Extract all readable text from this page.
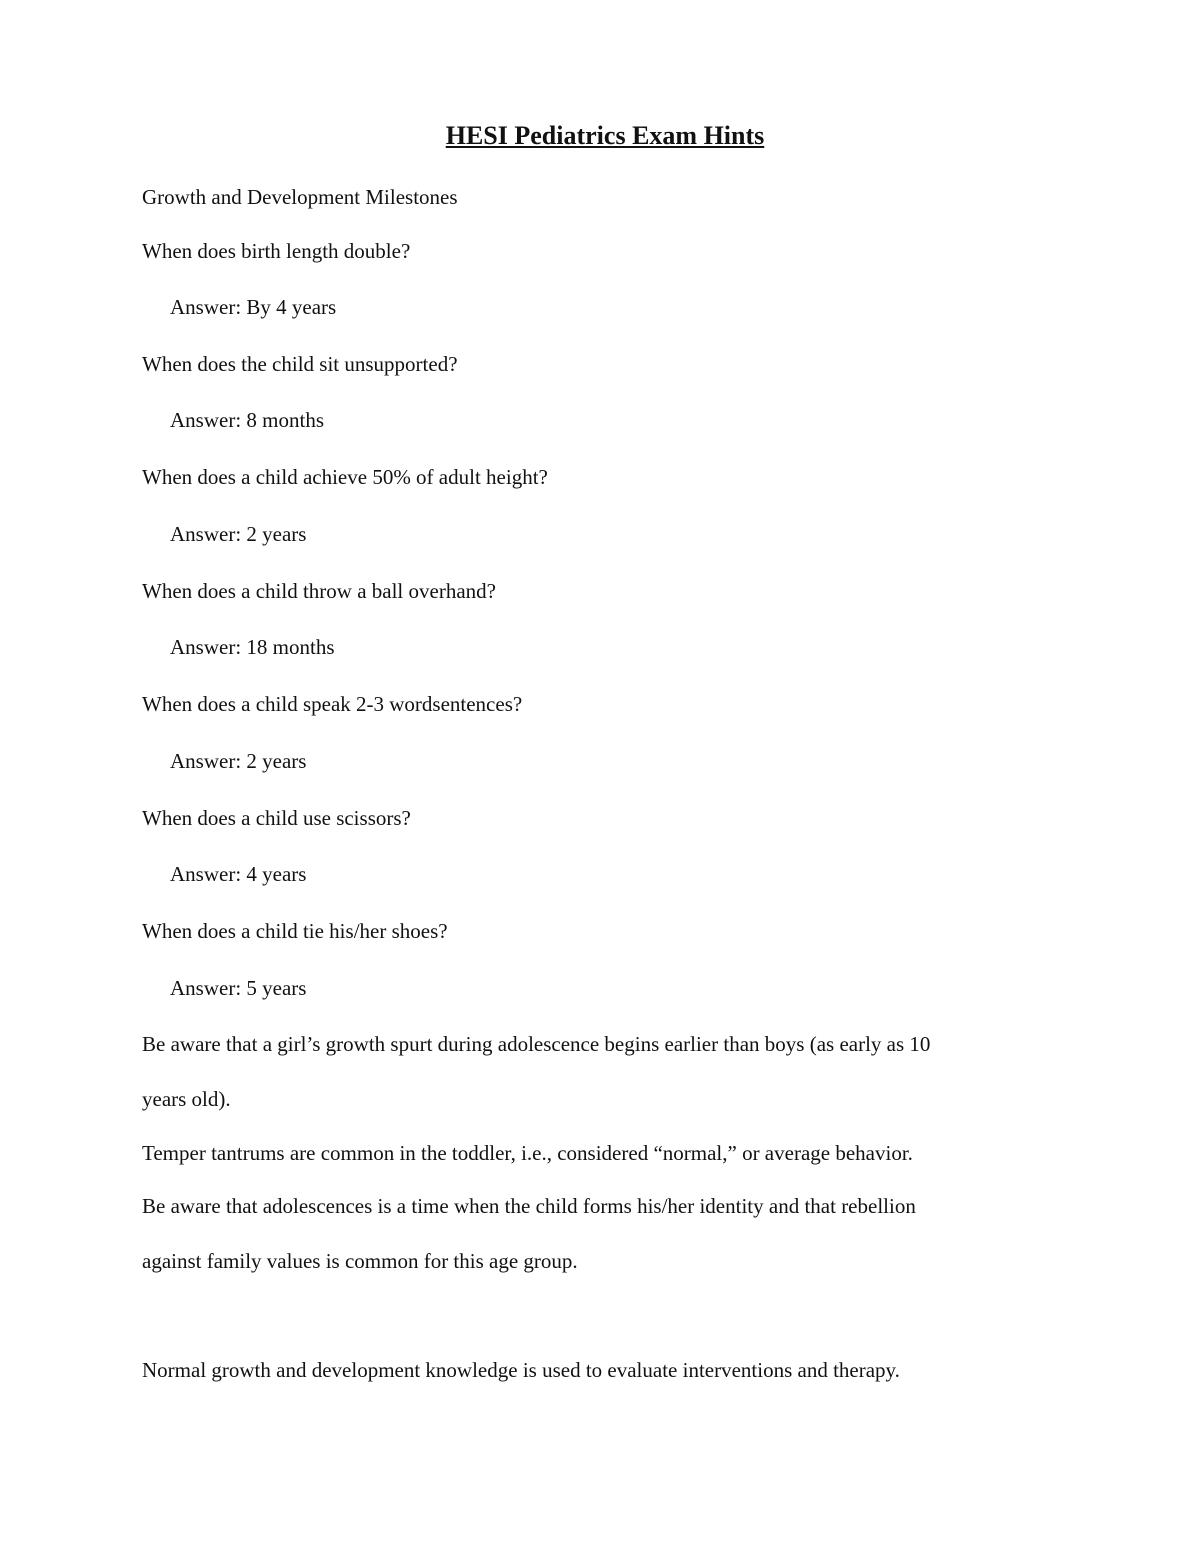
HESI Pediatrics Exam Hints

Growth and Development Milestones

When does birth length double?

Answer: By 4 years

When does the child sit unsupported?

Answer: 8 months

When does a child achieve 50% of adult height?

Answer: 2 years

When does a child throw a ball overhand?

Answer: 18 months

When does a child speak 2-3 wordsentences?

Answer: 2 years

When does a child use scissors?

Answer: 4 years

When does a child tie his/her shoes?

Answer: 5 years

Be aware that a girl’s growth spurt during adolescence begins earlier than boys (as early as 10

years old).

Temper tantrums are common in the toddler, i.e., considered “normal,” or average behavior.

Be aware that adolescences is a time when the child forms his/her identity and that rebellion

against family values is common for this age group.

Normal growth and development knowledge is used to evaluate interventions and therapy.
